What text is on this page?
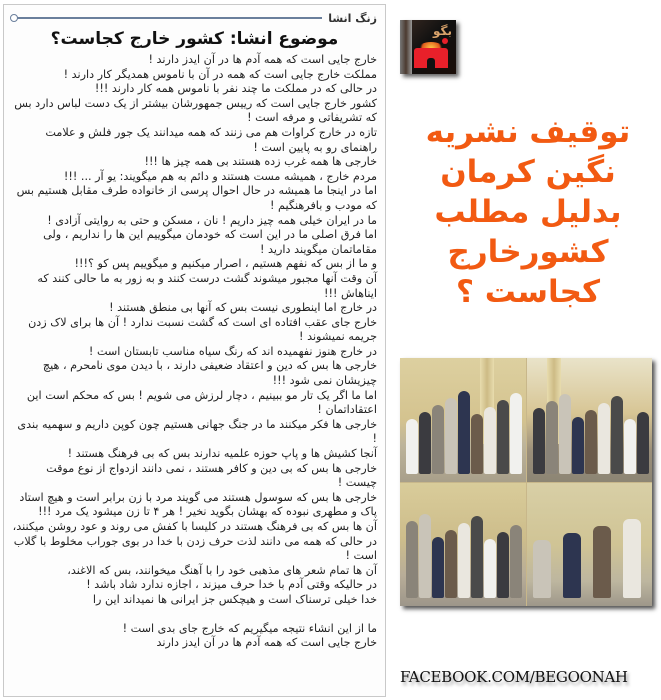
زنگ انشا
موضوع انشا: کشور خارج کجاست؟

خارج جایی است که همه آدم ها در آن ایدز دارند !

مملکت خارج جایی است که همه در آن با ناموس همدیگر کار دارند !

در حالی که در مملکت ما چند نفر با ناموس همه کار دارند !!!

کشور خارج جایی است که رییس جمهورشان بیشتر از یک دست لباس دارد بس که تشریفاتی و مرفه است !

تازه در خارج کراوات هم می زنند که همه میدانند یک جور فلش و علامت راهنمای رو به پایین است !

خارجی ها همه غرب زده هستند بی همه چیز ها !!!

مردم خارج ، همیشه مست هستند و دائم به هم میگویند: یو آر ... !!!

اما در اینجا ما همیشه در حال احوال پرسی از خانواده طرف مقابل هستیم بس که مودب و بافرهنگیم !

ما در ایران خیلی همه چیز داریم ! نان ، مسکن و حتی به روایتی آزادی !

اما فرق اصلی ما در این است که خودمان میگوییم این ها را نداریم ، ولی مقاماتمان میگویند دارید !

و ما از بس که نفهم هستیم ، اصرار میکنیم و میگوییم پس کو ؟!!!

آن وقت آنها مجبور میشوند گشت درست کنند و به زور به ما حالی کنند که ایناهاش !!!

در خارج اما اینطوری نیست بس که آنها بی منطق هستند !

خارج جای عقب افتاده ای است که گشت نسبت ندارد ! آن ها برای لاک زدن جریمه نمیشوند !

در خارج هنوز نفهمیده اند که رنگ سیاه مناسب تابستان است !

خارجی ها بس که دین و اعتقاد ضعیفی دارند ، با دیدن موی نامحرم ، هیچ چیزیشان نمی شود !!!

اما ما اگر یک تار مو ببینیم ، دچار لرزش می شویم ! بس که محکم است این اعتقاداتمان !

خارجی ها فکر میکنند ما در جنگ جهانی هستیم چون کوپن داریم و سهمیه بندی !

آنجا کشیش ها و پاپ حوزه علمیه ندارند بس که بی فرهنگ هستند !

خارجی ها بس که بی دین و کافر هستند ، نمی دانند ازدواج از نوع موقت چیست !

خارجی ها بس که سوسول هستند می گویند مرد با زن برابر است و هیچ استاد پاک و مطهری نبوده که بهشان بگوید نخیر ! هر ۴ تا زن میشود یک مرد !!!

آن ها بس که بی فرهنگ هستند در کلیسا با کفش می روند و عود روشن میکنند، در حالی که همه می دانند لذت حرف زدن با خدا در بوی جوراب مخلوط با گلاب است !

آن ها تمام شعر های مذهبی خود را با آهنگ میخوانند، بس که الاغند،

در حالیکه وقتی آدم با خدا حرف میزند ، اجازه ندارد شاد باشد !

خدا خیلی ترسناک است و هیچکس جز ایرانی ها نمیداند این را

ما از این انشاء نتیجه میگیریم که خارج جای بدی است !

خارج جایی است که همه آدم ها در آن ایدز دارند

بگو
توقیف نشریه نگین کرمان بدلیل مطلب کشورخارج کجاست ؟
FACEBOOK.COM/BEGOONAH
